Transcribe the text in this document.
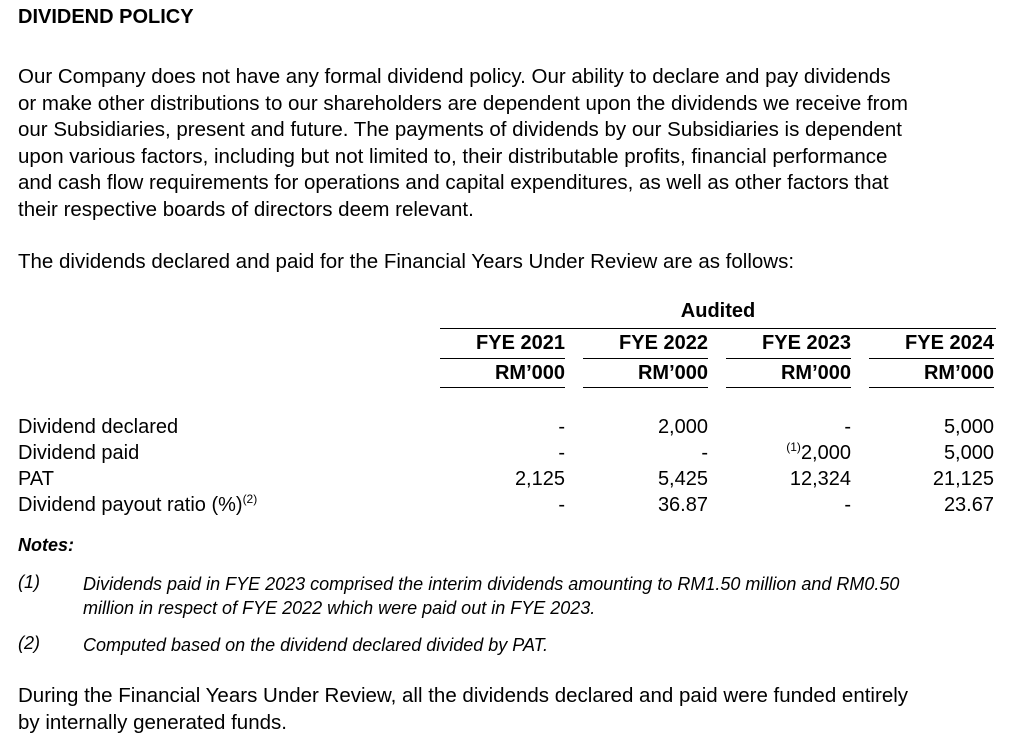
DIVIDEND POLICY
Our Company does not have any formal dividend policy. Our ability to declare and pay dividends
or make other distributions to our shareholders are dependent upon the dividends we receive from
our Subsidiaries, present and future. The payments of dividends by our Subsidiaries is dependent
upon various factors, including but not limited to, their distributable profits, financial performance
and cash flow requirements for operations and capital expenditures, as well as other factors that
their respective boards of directors deem relevant.
The dividends declared and paid for the Financial Years Under Review are as follows:
Audited
FYE 2021	FYE 2022	FYE 2023	FYE 2024
RM’000	RM’000	RM’000	RM’000
Dividend declared	-	2,000	-	5,000
Dividend paid	-	-	$^{(1)}$2,000	5,000
PAT	2,125	5,425	12,324	21,125
Dividend payout ratio (%)$^{(2)}$	-	36.87	-	23.67
Notes:
(1) Dividends paid in FYE 2023 comprised the interim dividends amounting to RM1.50 million and RM0.50
million in respect of FYE 2022 which were paid out in FYE 2023.
(2) Computed based on the dividend declared divided by PAT.
During the Financial Years Under Review, all the dividends declared and paid were funded entirely
by internally generated funds.
